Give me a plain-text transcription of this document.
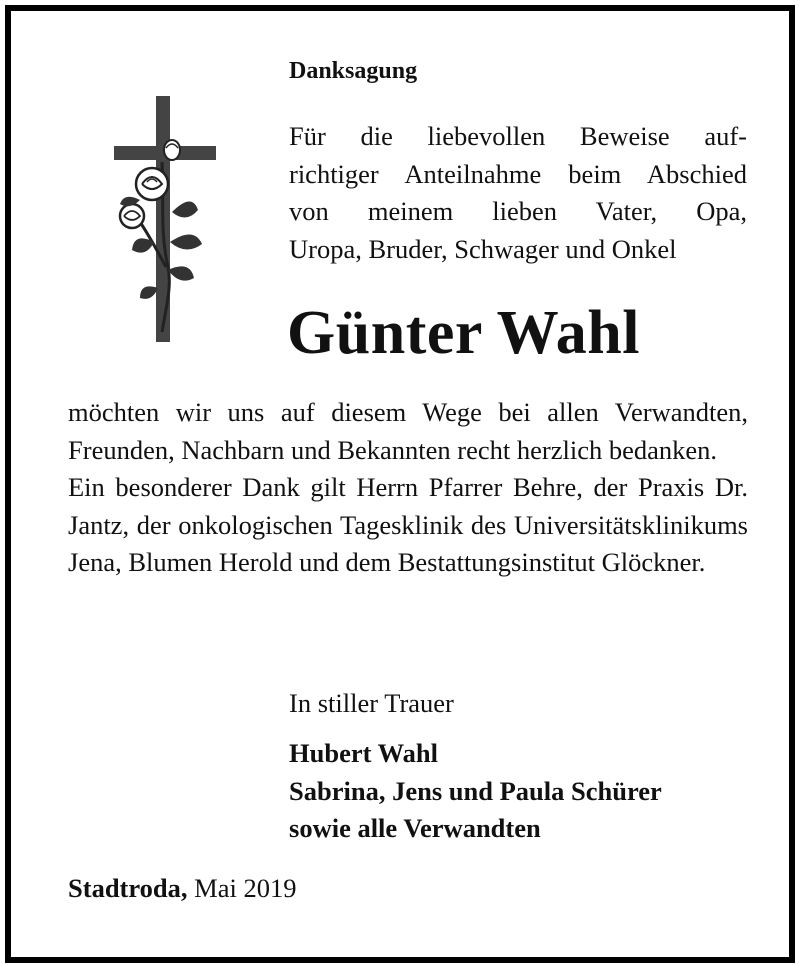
Danksagung
Für die liebevollen Beweise auf-
richtiger Anteilnahme beim Abschied
von meinem lieben Vater, Opa,
Uropa, Bruder, Schwager und Onkel
Günter Wahl

möchten wir uns auf diesem Wege bei allen Verwandten, Freunden, Nachbarn und Bekannten recht herzlich bedanken.

Ein besonderer Dank gilt Herrn Pfarrer Behre, der Praxis Dr. Jantz, der onkologischen Tagesklinik des Universitätsklinikums Jena, Blumen Herold und dem Bestattungsinstitut Glöckner.

In stiller Trauer
Hubert Wahl
Sabrina, Jens und Paula Schürer
sowie alle Verwandten
Stadtroda, Mai 2019
